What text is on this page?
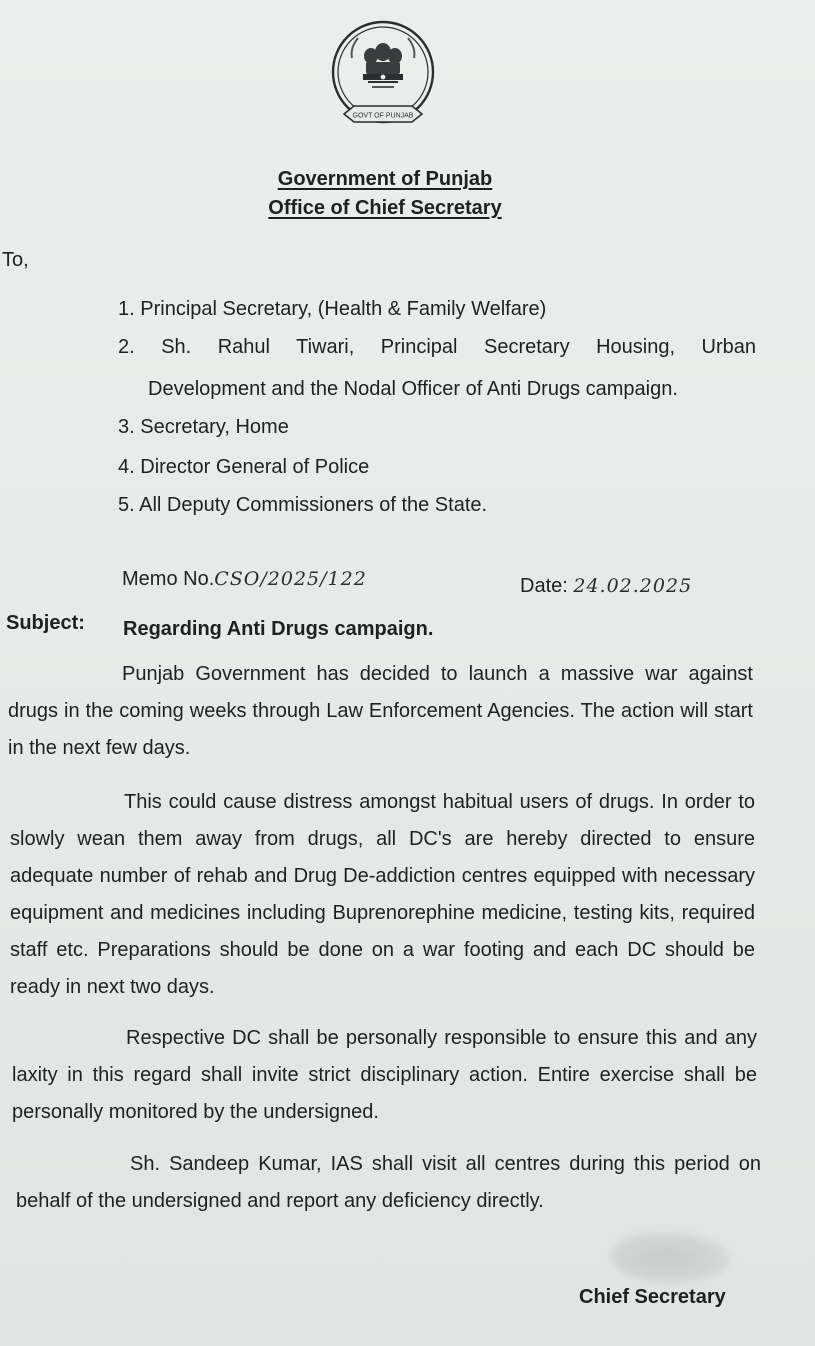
GOVT OF PUNJAB
Government of Punjab
Office of Chief Secretary
To,
1. Principal Secretary, (Health & Family Welfare)
2. Sh. Rahul Tiwari, Principal Secretary Housing, Urban
Development and the Nodal Officer of Anti Drugs campaign.
3. Secretary, Home
4. Director General of Police
5. All Deputy Commissioners of the State.
Memo No.CSO/2025/122	Date: 24.02.2025
Subject: Regarding Anti Drugs campaign.
Punjab Government has decided to launch a massive war against drugs in the coming weeks through Law Enforcement Agencies. The action will start in the next few days.
This could cause distress amongst habitual users of drugs. In order to slowly wean them away from drugs, all DC's are hereby directed to ensure adequate number of rehab and Drug De-addiction centres equipped with necessary equipment and medicines including Buprenorephine medicine, testing kits, required staff etc. Preparations should be done on a war footing and each DC should be ready in next two days.
Respective DC shall be personally responsible to ensure this and any laxity in this regard shall invite strict disciplinary action. Entire exercise shall be personally monitored by the undersigned.
Sh. Sandeep Kumar, IAS shall visit all centres during this period on behalf of the undersigned and report any deficiency directly.
Chief Secretary
